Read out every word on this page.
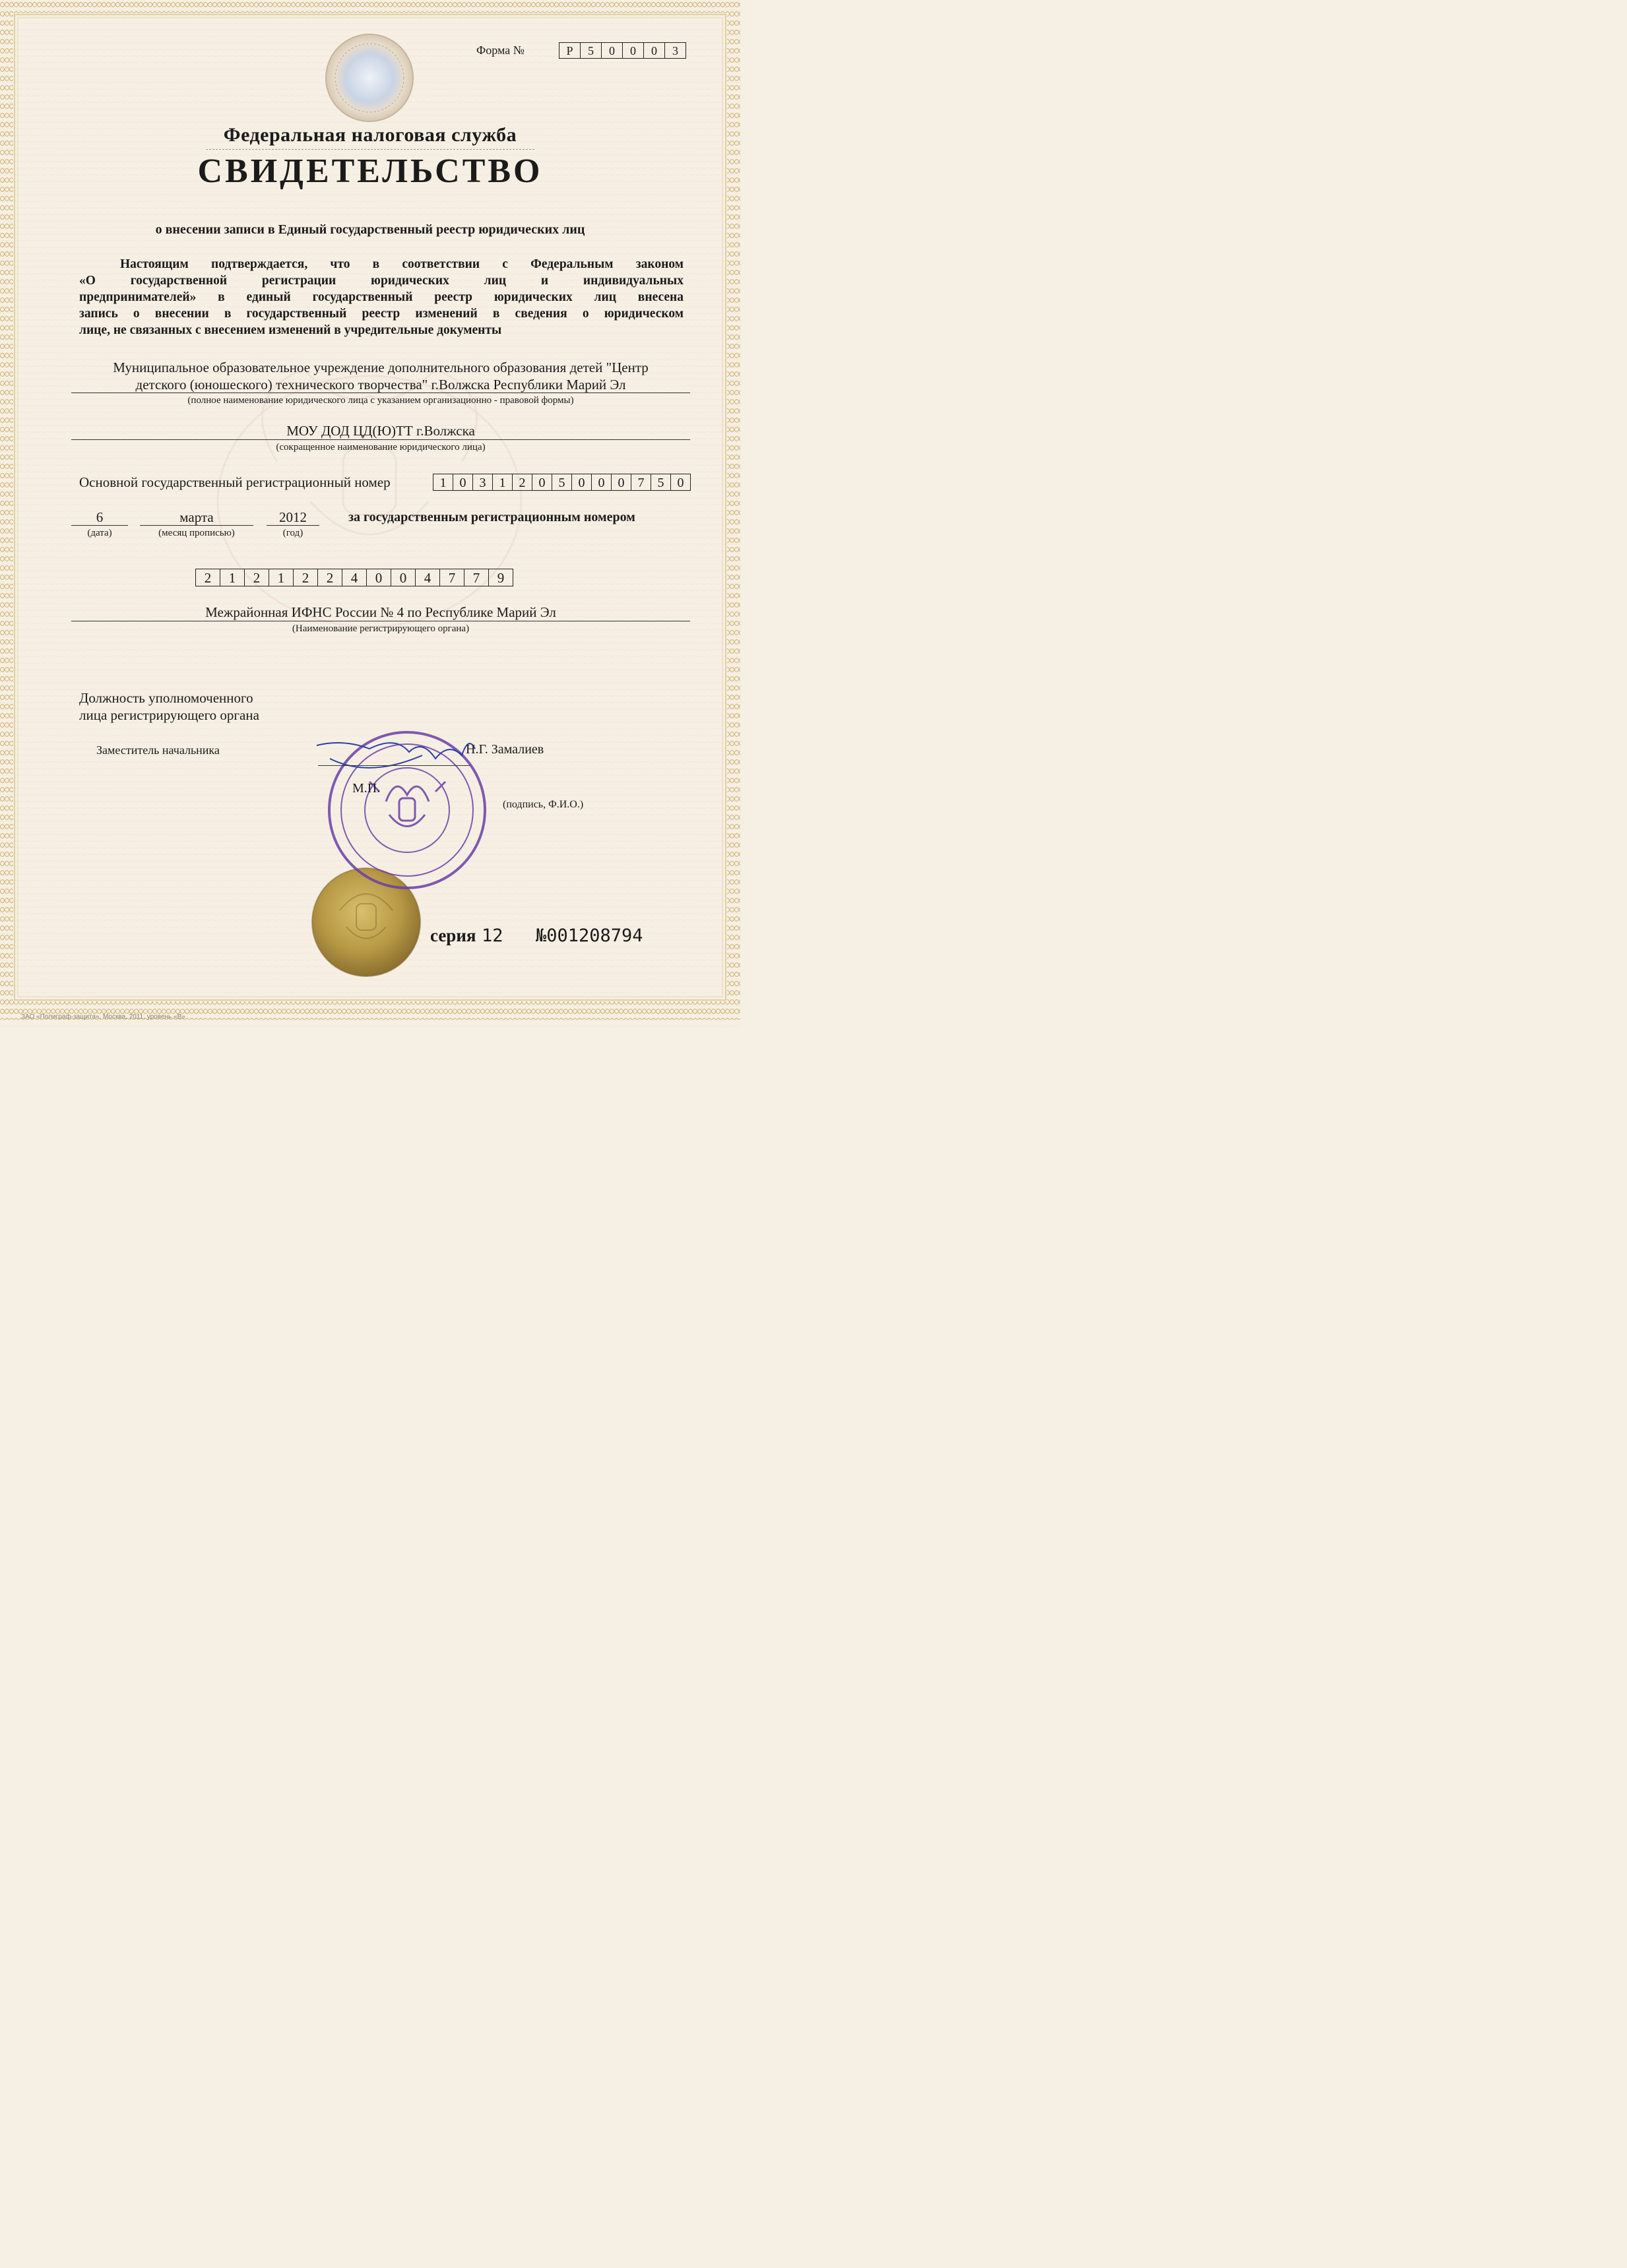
Форма №	Р	5	0	0	0	3
Федеральная налоговая служба
СВИДЕТЕЛЬСТВО
о внесении записи в Единый государственный реестр юридических лиц
Настоящим подтверждается, что в соответствии с Федеральным законом
«О государственной регистрации юридических лиц и индивидуальных
предпринимателей» в единый государственный реестр юридических лиц внесена
запись о внесении в государственный реестр изменений в сведения о юридическом
лице, не связанных с внесением изменений в учредительные документы
Муниципальное образовательное учреждение дополнительного образования детей "Центр
детского (юношеского) технического творчества" г.Волжска Республики Марий Эл
(полное наименование юридического лица с указанием организационно - правовой формы)
МОУ ДОД ЦД(Ю)ТТ г.Волжска
(сокращенное наименование юридического лица)
Основной государственный регистрационный номер	1	0	3	1	2	0	5	0	0	0	7	5	0
6
(дата)
марта
(месяц прописью)
2012
(год)
за государственным регистрационным номером
2	1	2	1	2	2	4	0	0	4	7	7	9
Межрайонная ИФНС России № 4 по Республике Марий Эл
(Наименование регистрирующего органа)
Должность уполномоченного
лица регистрирующего органа
Заместитель начальника	Н.Г. Замалиев
М.П.
(подпись, Ф.И.О.)
серия 12 №001208794
ЗАО «Полиграф-защита», Москва, 2011, уровень «В»
